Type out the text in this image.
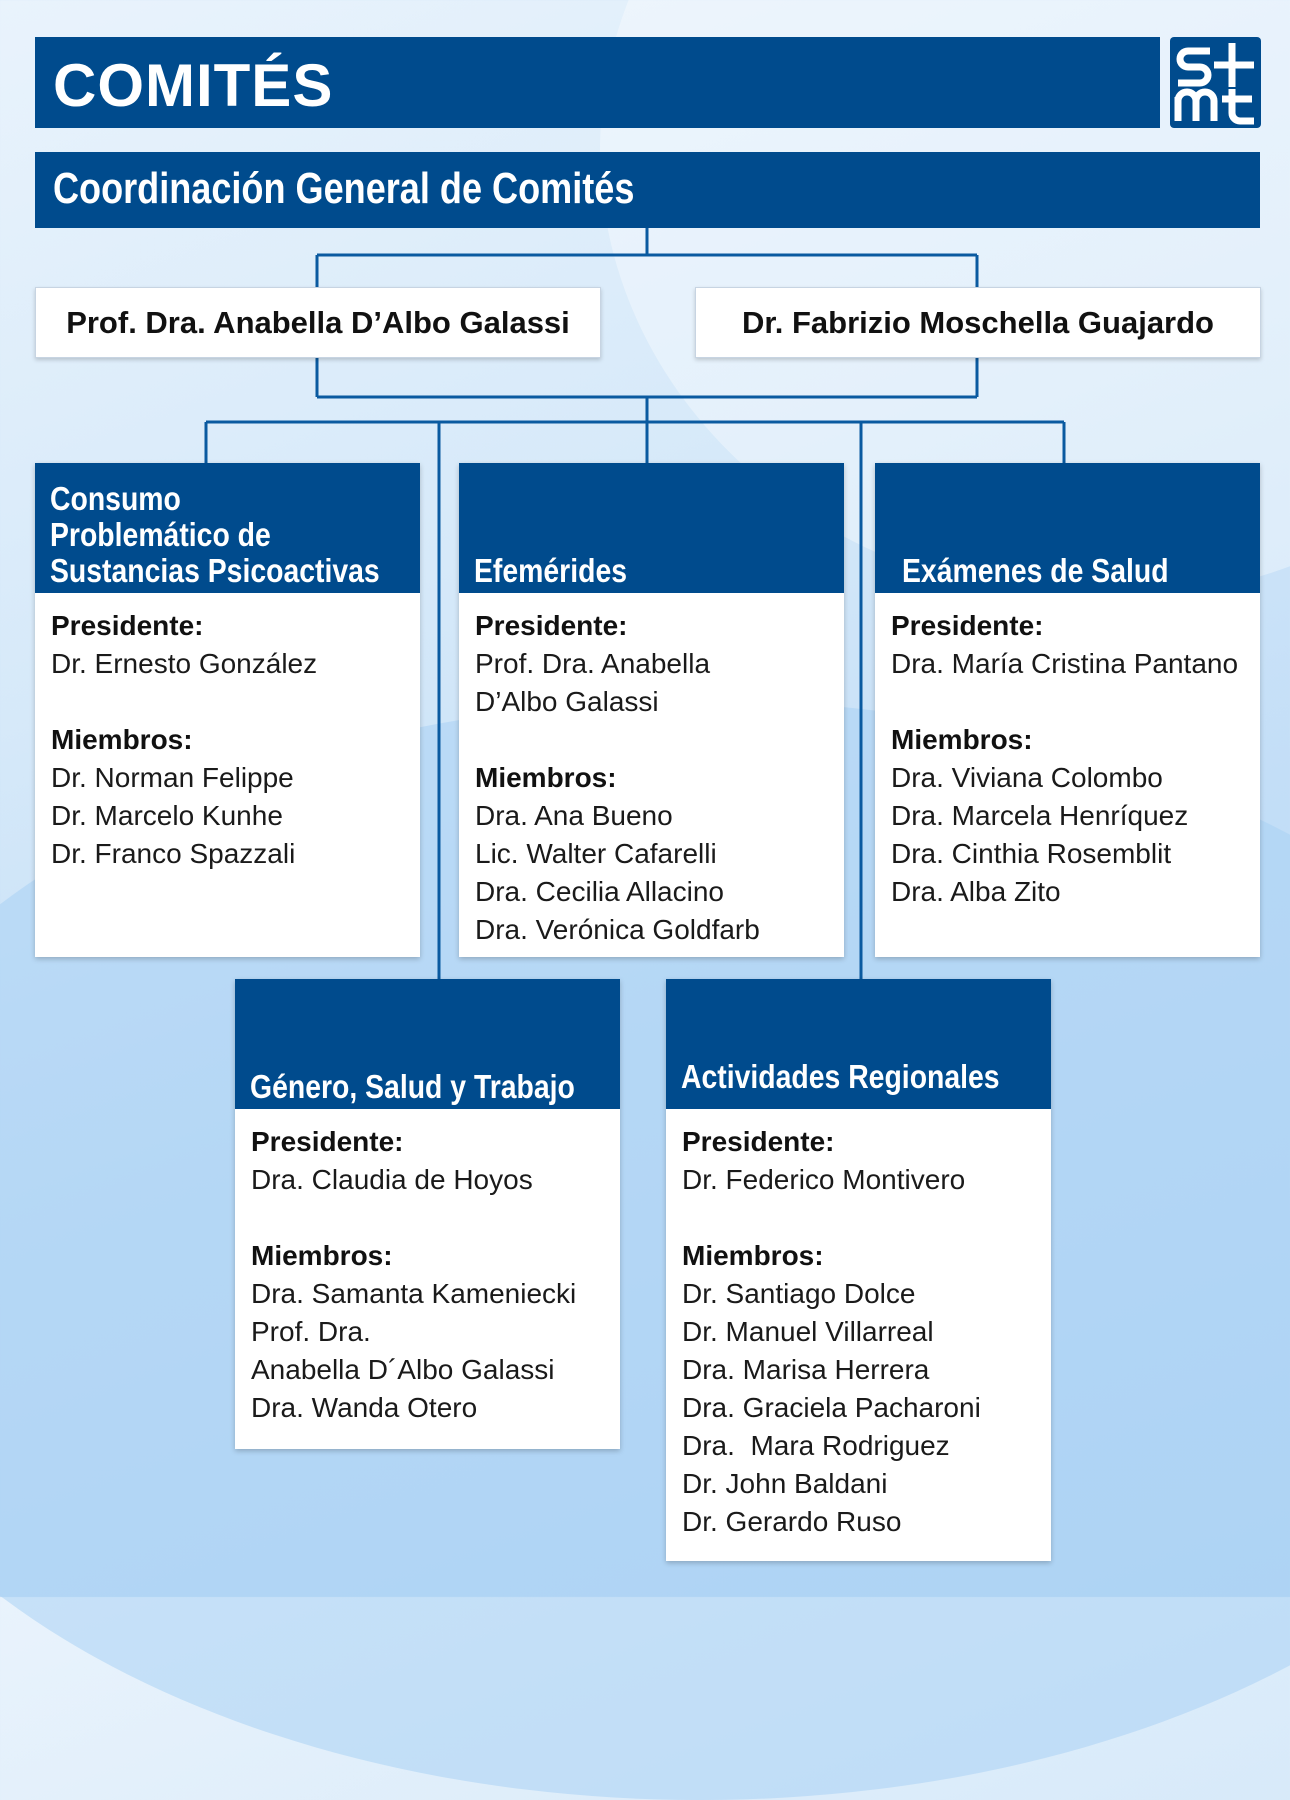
COMITÉS
Coordinación General de Comités
Prof. Dra. Anabella D’Albo Galassi	Dr. Fabrizio Moschella Guajardo
Consumo
Problemático de
Sustancias Psicoactivas
Presidente:
Dr. Ernesto González
Miembros:
Dr. Norman Felippe
Dr. Marcelo Kunhe
Dr. Franco Spazzali
Efemérides
Presidente:
Prof. Dra. Anabella
D’Albo Galassi
Miembros:
Dra. Ana Bueno
Lic. Walter Cafarelli
Dra. Cecilia Allacino
Dra. Verónica Goldfarb
Exámenes de Salud
Presidente:
Dra. María Cristina Pantano
Miembros:
Dra. Viviana Colombo
Dra. Marcela Henríquez
Dra. Cinthia Rosemblit
Dra. Alba Zito
Género, Salud y Trabajo
Presidente:
Dra. Claudia de Hoyos
Miembros:
Dra. Samanta Kameniecki
Prof. Dra.
Anabella D´Albo Galassi
Dra. Wanda Otero
Actividades Regionales
Presidente:
Dr. Federico Montivero
Miembros:
Dr. Santiago Dolce
Dr. Manuel Villarreal
Dra. Marisa Herrera
Dra. Graciela Pacharoni
Dra.  Mara Rodriguez
Dr. John Baldani
Dr. Gerardo Ruso
